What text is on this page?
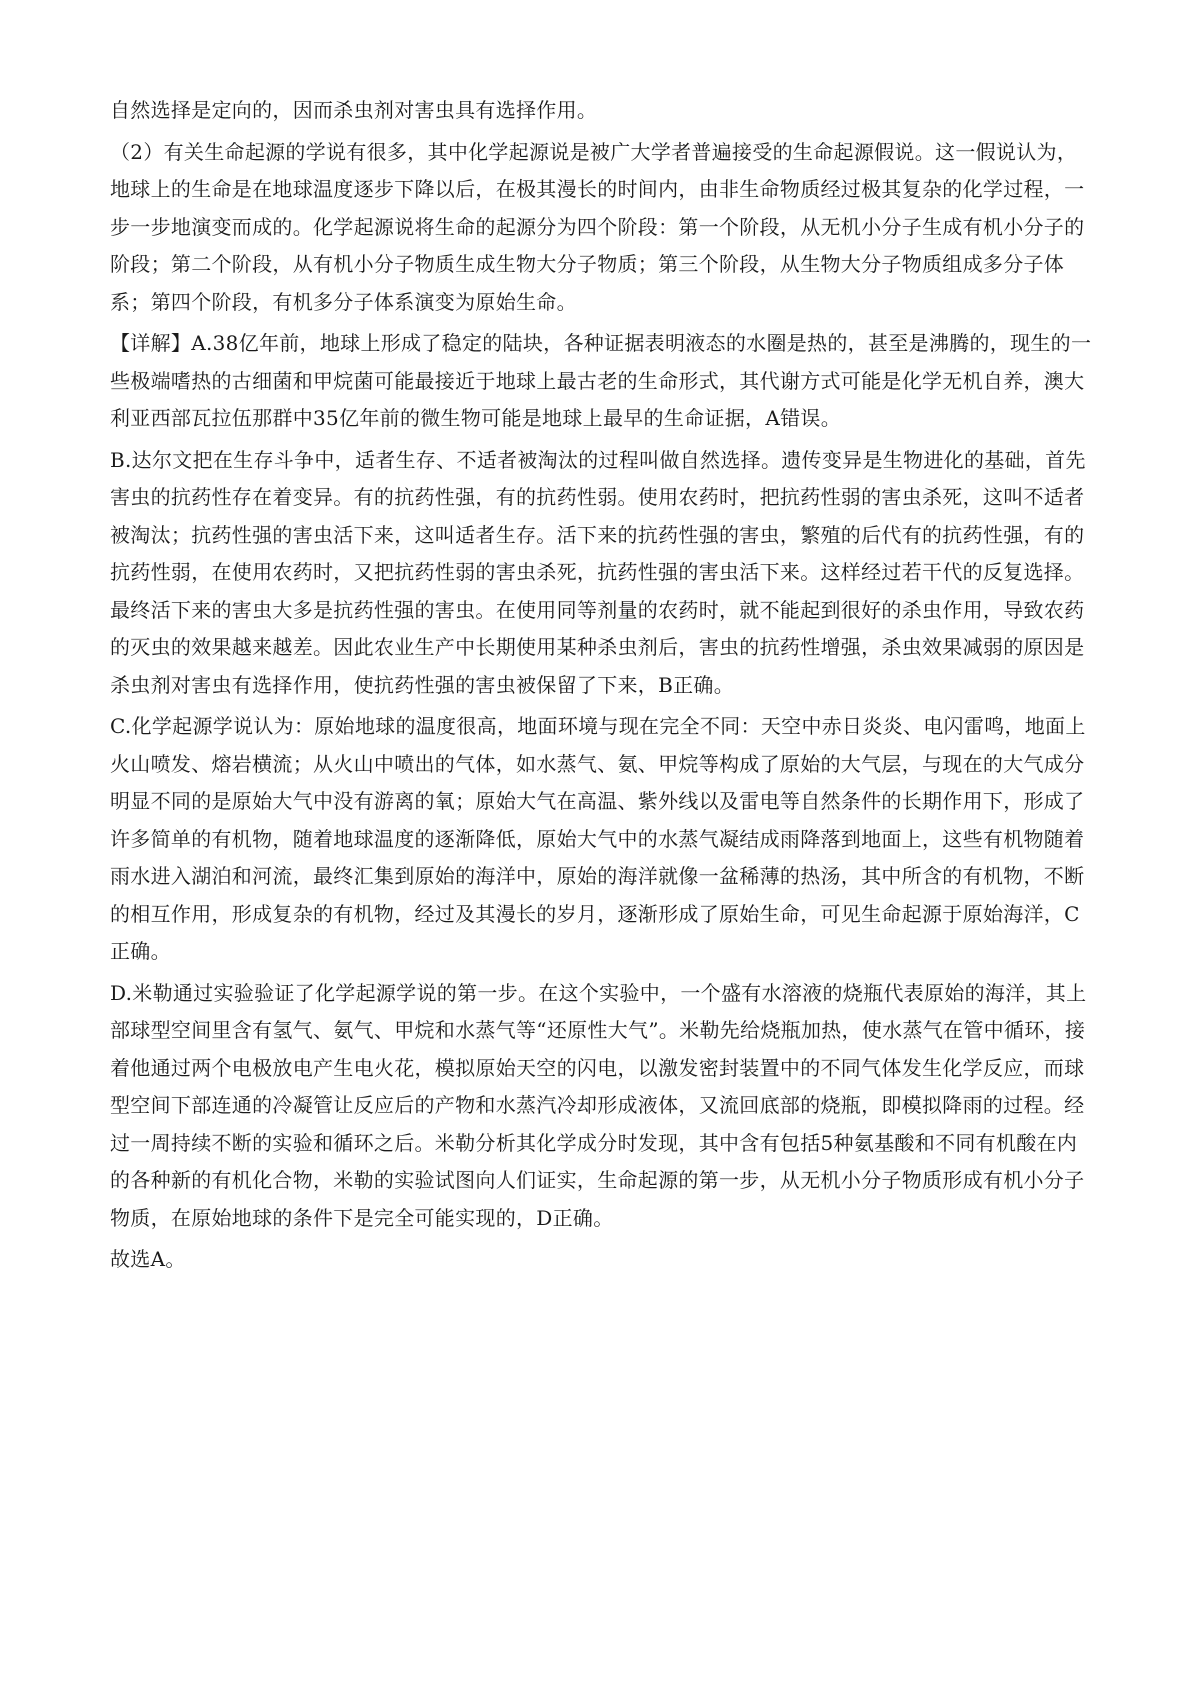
自然选择是定向的，因而杀虫剂对害虫具有选择作用。

（2）有关生命起源的学说有很多，其中化学起源说是被广大学者普遍接受的生命起源假说。这一假说认为，地球上的生命是在地球温度逐步下降以后，在极其漫长的时间内，由非生命物质经过极其复杂的化学过程，一步一步地演变而成的。化学起源说将生命的起源分为四个阶段：第一个阶段，从无机小分子生成有机小分子的阶段；第二个阶段，从有机小分子物质生成生物大分子物质；第三个阶段，从生物大分子物质组成多分子体系；第四个阶段，有机多分子体系演变为原始生命。

【详解】A.38亿年前，地球上形成了稳定的陆块，各种证据表明液态的水圈是热的，甚至是沸腾的，现生的一些极端嗜热的古细菌和甲烷菌可能最接近于地球上最古老的生命形式，其代谢方式可能是化学无机自养，澳大利亚西部瓦拉伍那群中35亿年前的微生物可能是地球上最早的生命证据，A错误。

B.达尔文把在生存斗争中，适者生存、不适者被淘汰的过程叫做自然选择。遗传变异是生物进化的基础，首先害虫的抗药性存在着变异。有的抗药性强，有的抗药性弱。使用农药时，把抗药性弱的害虫杀死，这叫不适者被淘汰；抗药性强的害虫活下来，这叫适者生存。活下来的抗药性强的害虫，繁殖的后代有的抗药性强，有的抗药性弱，在使用农药时，又把抗药性弱的害虫杀死，抗药性强的害虫活下来。这样经过若干代的反复选择。最终活下来的害虫大多是抗药性强的害虫。在使用同等剂量的农药时，就不能起到很好的杀虫作用，导致农药的灭虫的效果越来越差。因此农业生产中长期使用某种杀虫剂后，害虫的抗药性增强，杀虫效果减弱的原因是杀虫剂对害虫有选择作用，使抗药性强的害虫被保留了下来，B正确。

C.化学起源学说认为：原始地球的温度很高，地面环境与现在完全不同：天空中赤日炎炎、电闪雷鸣，地面上火山喷发、熔岩横流；从火山中喷出的气体，如水蒸气、氨、甲烷等构成了原始的大气层，与现在的大气成分明显不同的是原始大气中没有游离的氧；原始大气在高温、紫外线以及雷电等自然条件的长期作用下，形成了许多简单的有机物，随着地球温度的逐渐降低，原始大气中的水蒸气凝结成雨降落到地面上，这些有机物随着雨水进入湖泊和河流，最终汇集到原始的海洋中，原始的海洋就像一盆稀薄的热汤，其中所含的有机物，不断的相互作用，形成复杂的有机物，经过及其漫长的岁月，逐渐形成了原始生命，可见生命起源于原始海洋，C正确。

D.米勒通过实验验证了化学起源学说的第一步。在这个实验中，一个盛有水溶液的烧瓶代表原始的海洋，其上部球型空间里含有氢气、氨气、甲烷和水蒸气等“还原性大气”。米勒先给烧瓶加热，使水蒸气在管中循环，接着他通过两个电极放电产生电火花，模拟原始天空的闪电，以激发密封装置中的不同气体发生化学反应，而球型空间下部连通的冷凝管让反应后的产物和水蒸汽冷却形成液体，又流回底部的烧瓶，即模拟降雨的过程。经过一周持续不断的实验和循环之后。米勒分析其化学成分时发现，其中含有包括5种氨基酸和不同有机酸在内的各种新的有机化合物，米勒的实验试图向人们证实，生命起源的第一步，从无机小分子物质形成有机小分子物质，在原始地球的条件下是完全可能实现的，D正确。

故选A。
